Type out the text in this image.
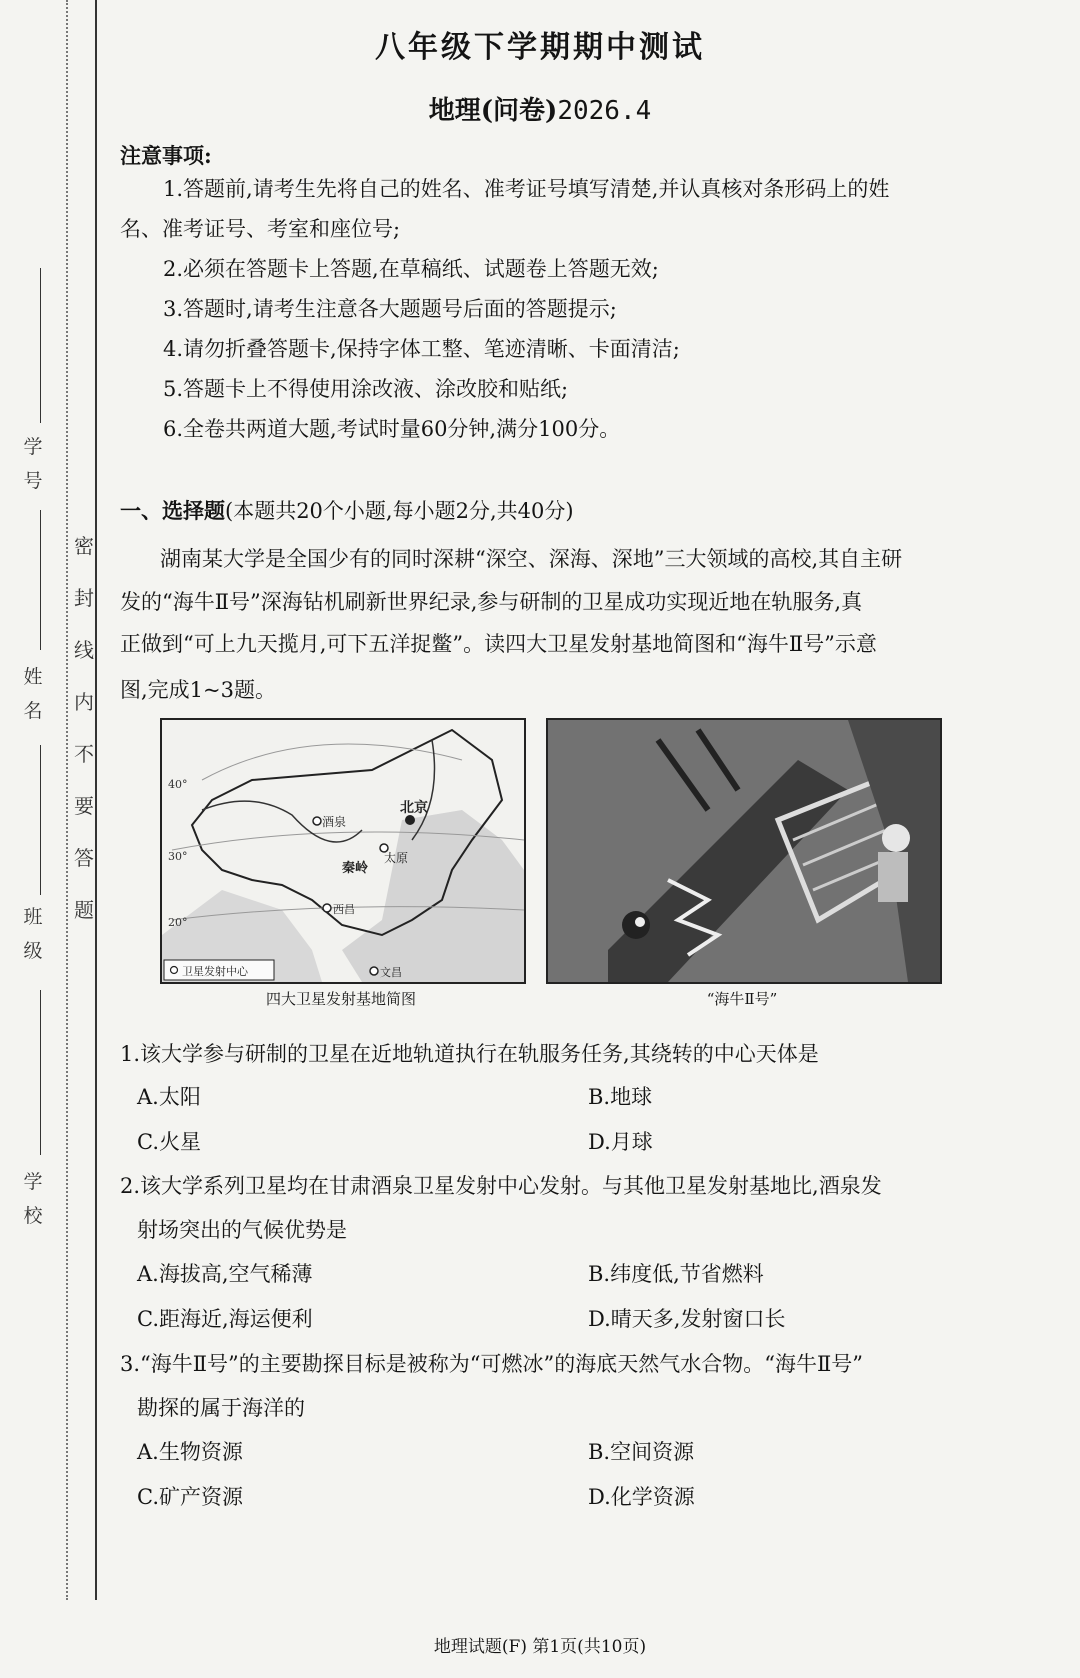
密封线内不要答题
学号
姓名
班级
学校
八年级下学期期中测试
地理(问卷)2026.4
注意事项:
1.答题前,请考生先将自己的姓名、准考证号填写清楚,并认真核对条形码上的姓
名、准考证号、考室和座位号;
2.必须在答题卡上答题,在草稿纸、试题卷上答题无效;
3.答题时,请考生注意各大题题号后面的答题提示;
4.请勿折叠答题卡,保持字体工整、笔迹清晰、卡面清洁;
5.答题卡上不得使用涂改液、涂改胶和贴纸;
6.全卷共两道大题,考试时量60分钟,满分100分。
一、选择题(本题共20个小题,每小题2分,共40分)
湖南某大学是全国少有的同时深耕“深空、深海、深地”三大领域的高校,其自主研
发的“海牛Ⅱ号”深海钻机刷新世界纪录,参与研制的卫星成功实现近地在轨服务,真
正做到“可上九天揽月,可下五洋捉鳖”。读四大卫星发射基地简图和“海牛Ⅱ号”示意
图,完成1~3题。
40°
30°
20°
酒泉
北京
太原
秦岭
西昌
文昌
卫星发射中心
四大卫星发射基地简图	“海牛Ⅱ号”
1.该大学参与研制的卫星在近地轨道执行在轨服务任务,其绕转的中心天体是
A.太阳	B.地球
C.火星	D.月球
2.该大学系列卫星均在甘肃酒泉卫星发射中心发射。与其他卫星发射基地比,酒泉发
射场突出的气候优势是
A.海拔高,空气稀薄	B.纬度低,节省燃料
C.距海近,海运便利	D.晴天多,发射窗口长
3.“海牛Ⅱ号”的主要勘探目标是被称为“可燃冰”的海底天然气水合物。“海牛Ⅱ号”
勘探的属于海洋的
A.生物资源	B.空间资源
C.矿产资源	D.化学资源
地理试题(F) 第1页(共10页)
